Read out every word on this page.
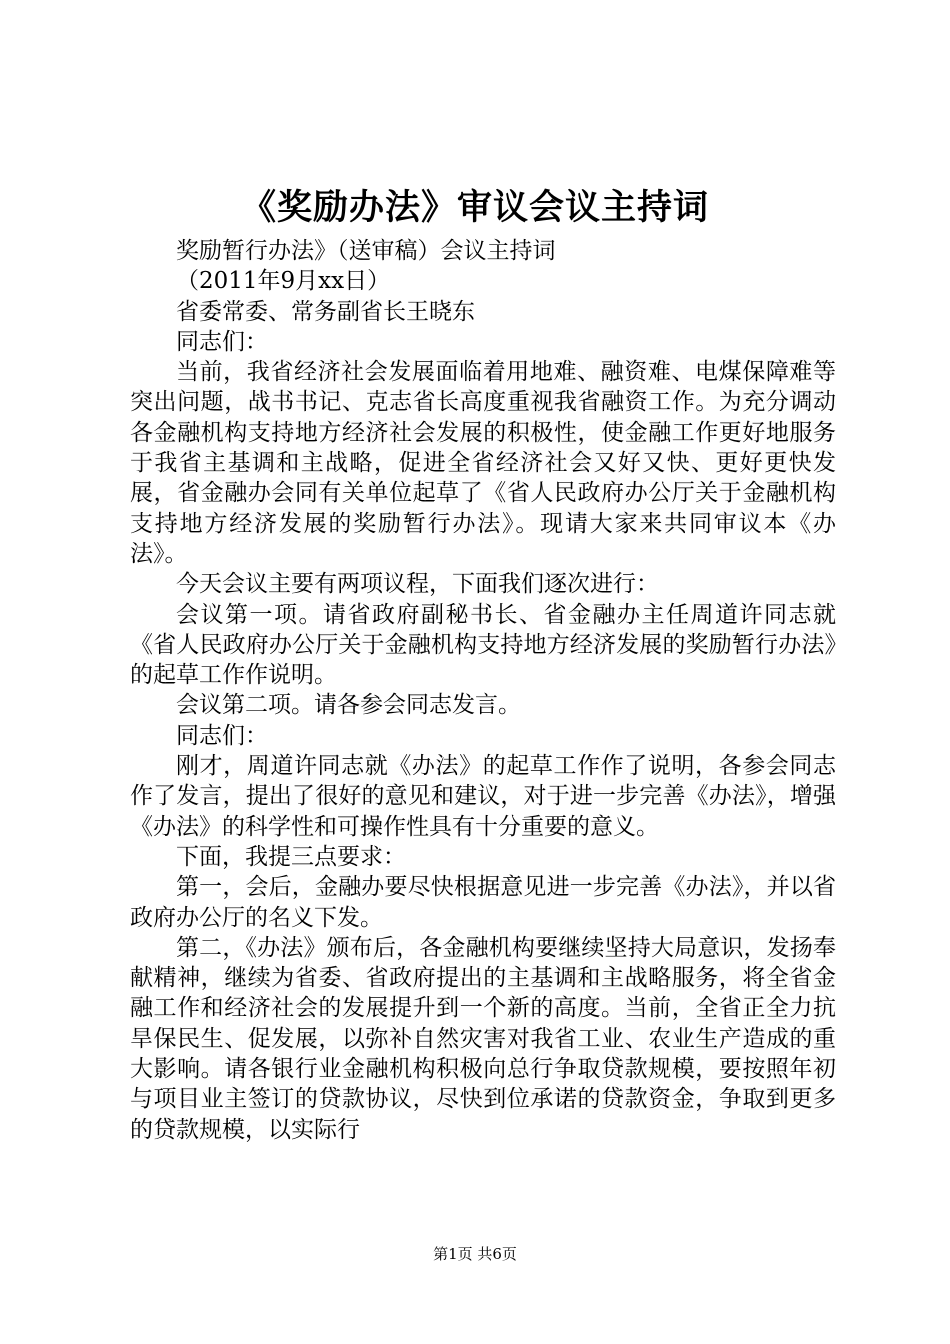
《奖励办法》审议会议主持词

奖励暂行办法》（送审稿）会议主持词

（2011年9月xx日）

省委常委、常务副省长王晓东

同志们：

当前，我省经济社会发展面临着用地难、融资难、电煤保障难等突出问题，战书书记、克志省长高度重视我省融资工作。为充分调动各金融机构支持地方经济社会发展的积极性，使金融工作更好地服务于我省主基调和主战略，促进全省经济社会又好又快、更好更快发展，省金融办会同有关单位起草了《省人民政府办公厅关于金融机构支持地方经济发展的奖励暂行办法》。现请大家来共同审议本《办法》。

今天会议主要有两项议程，下面我们逐次进行：

会议第一项。请省政府副秘书长、省金融办主任周道许同志就《省人民政府办公厅关于金融机构支持地方经济发展的奖励暂行办法》的起草工作作说明。

会议第二项。请各参会同志发言。

同志们：

刚才，周道许同志就《办法》的起草工作作了说明，各参会同志作了发言，提出了很好的意见和建议，对于进一步完善《办法》，增强《办法》的科学性和可操作性具有十分重要的意义。

下面，我提三点要求：

第一，会后，金融办要尽快根据意见进一步完善《办法》，并以省政府办公厅的名义下发。

第二，《办法》颁布后，各金融机构要继续坚持大局意识，发扬奉献精神，继续为省委、省政府提出的主基调和主战略服务，将全省金融工作和经济社会的发展提升到一个新的高度。当前，全省正全力抗旱保民生、促发展，以弥补自然灾害对我省工业、农业生产造成的重大影响。请各银行业金融机构积极向总行争取贷款规模，要按照年初与项目业主签订的贷款协议，尽快到位承诺的贷款资金，争取到更多的贷款规模，以实际行

第1页 共6页
